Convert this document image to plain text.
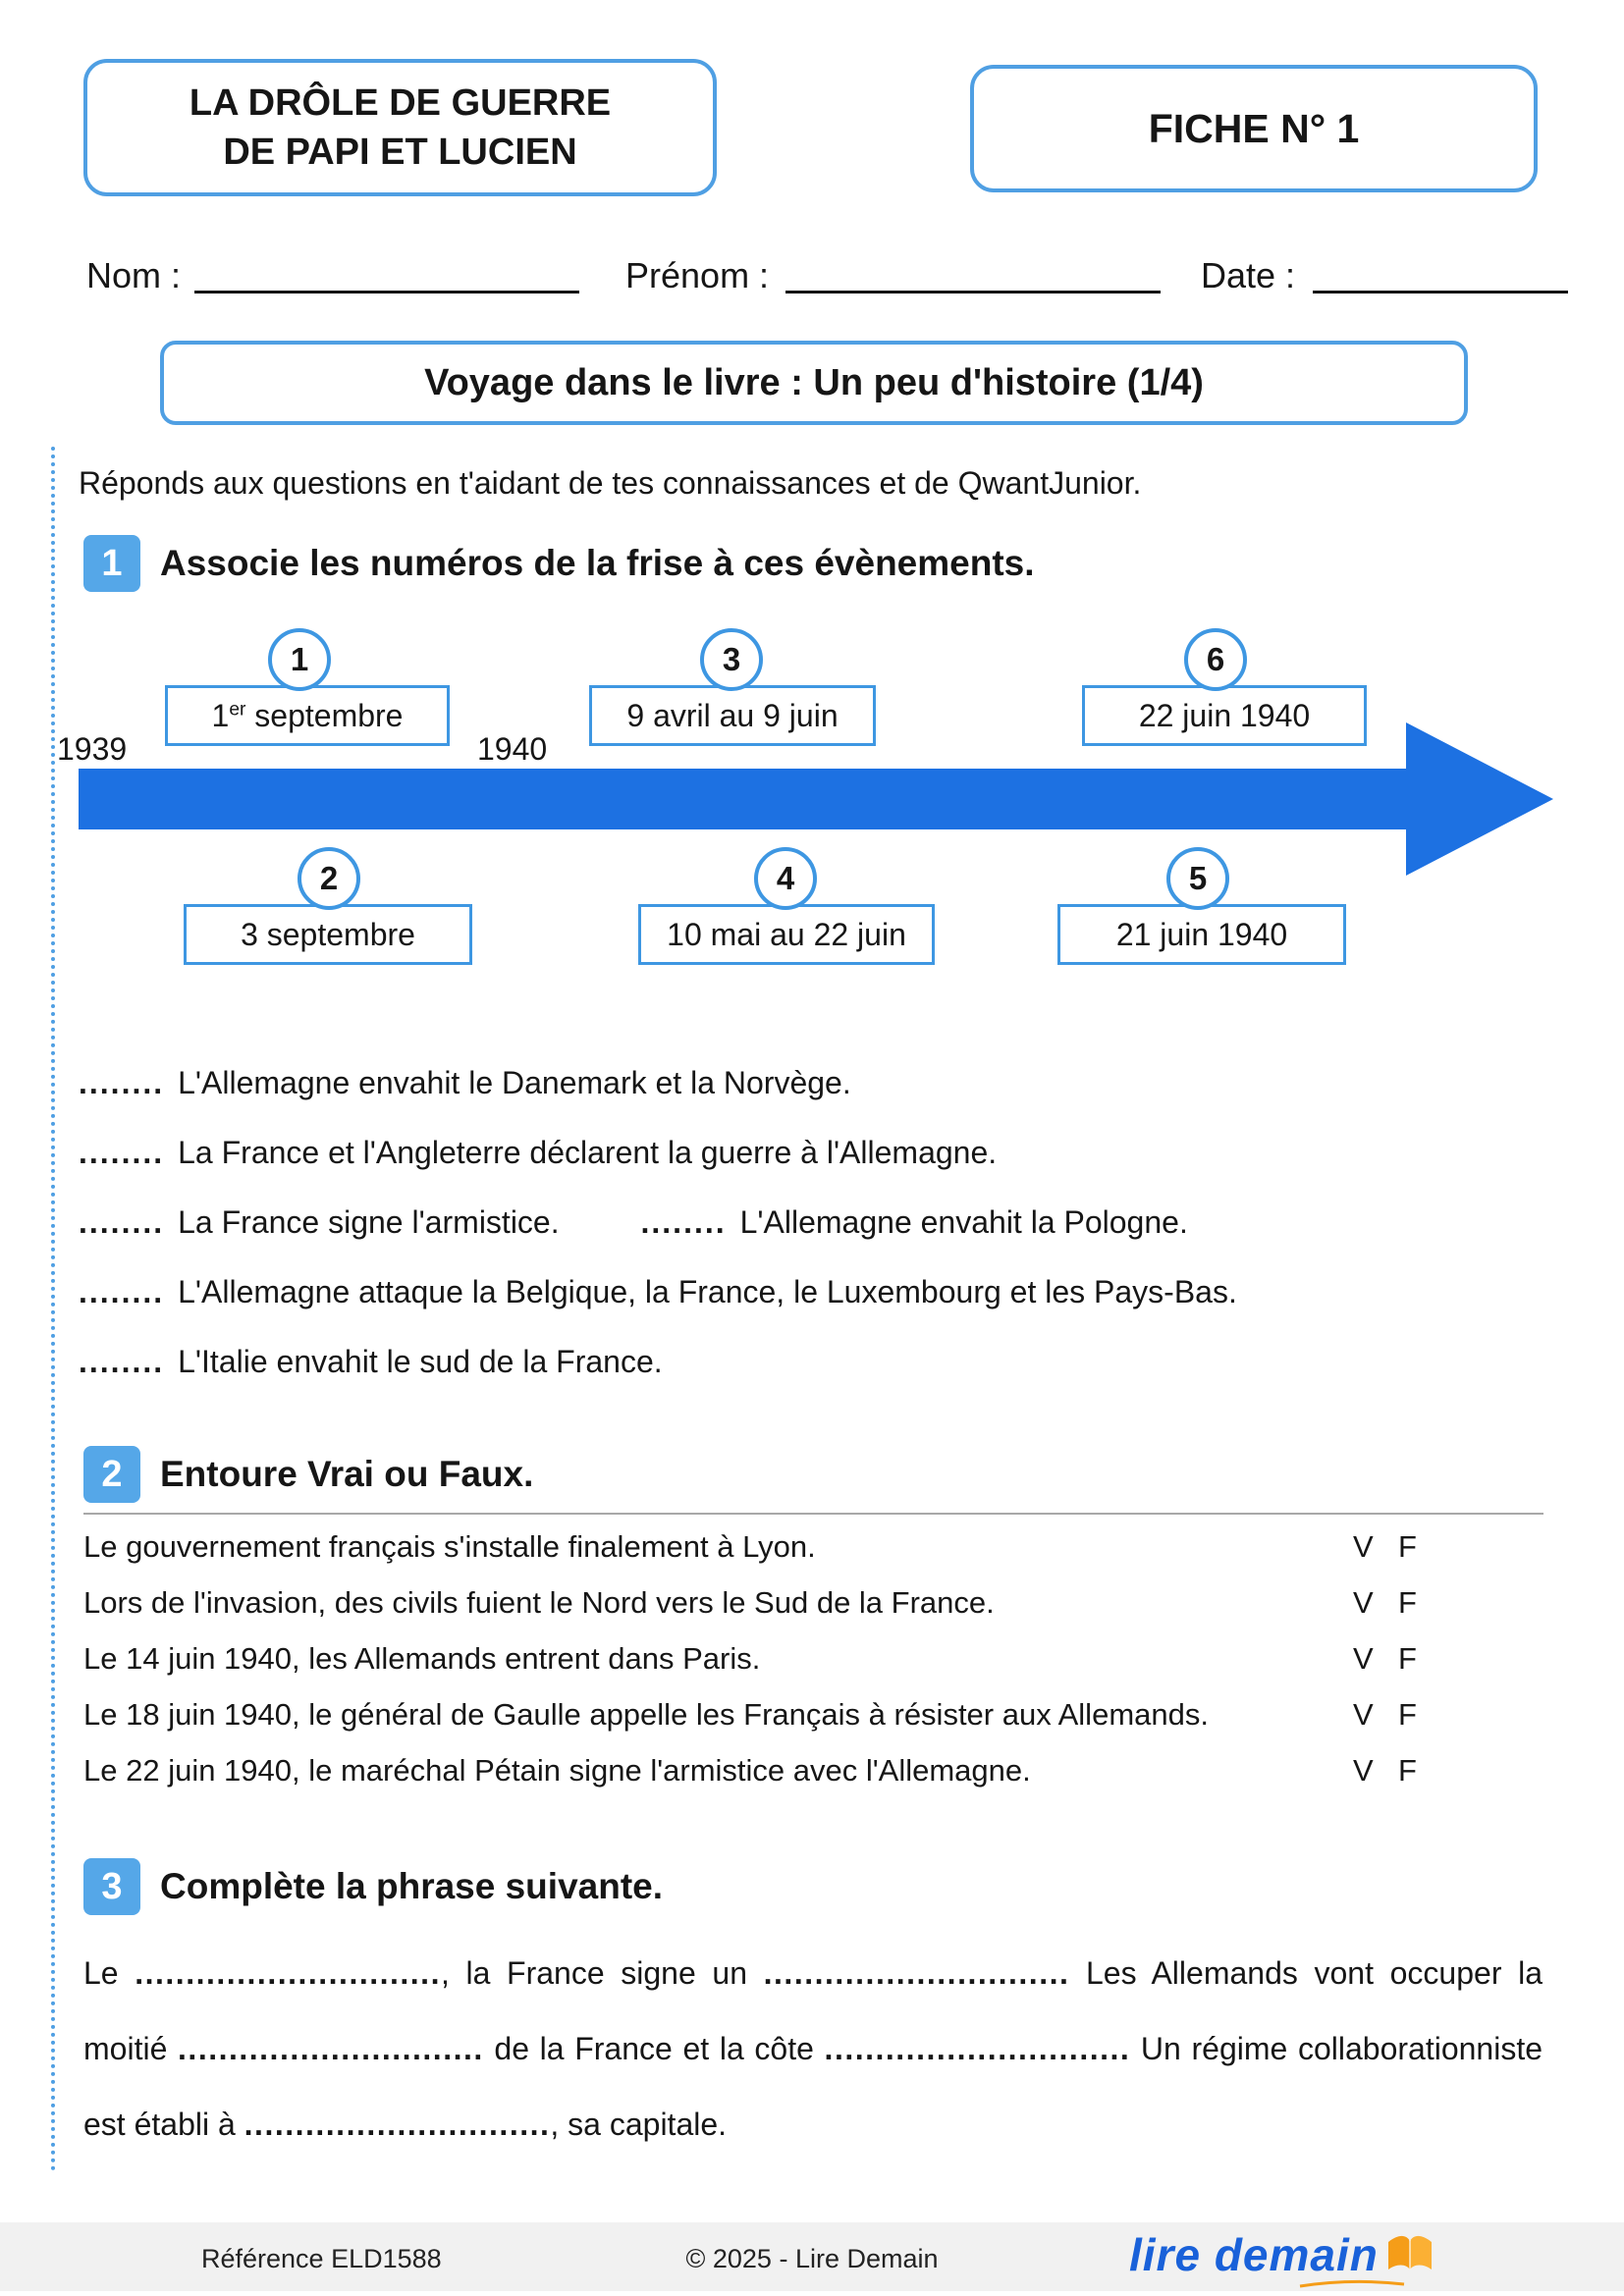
LA DRÔLE DE GUERRE
DE PAPI ET LUCIEN
FICHE N° 1
Nom :	Prénom :	Date :
Voyage dans le livre : Un peu d'histoire (1/4)
Réponds aux questions en t'aidant de tes connaissances et de QwantJunior.
1	Associe les numéros de la frise à ces évènements.
1939	1940
1	3	6
1er septembre	9 avril au 9 juin	22 juin 1940
2	4	5
3 septembre	10 mai au 22 juin	21 juin 1940
........ L'Allemagne envahit le Danemark et la Norvège.
........ La France et l'Angleterre déclarent la guerre à l'Allemagne.
........ La France signe l'armistice.	........ L'Allemagne envahit la Pologne.
........ L'Allemagne attaque la Belgique, la France, le Luxembourg et les Pays-Bas.
........ L'Italie envahit le sud de la France.
2	Entoure Vrai ou Faux.
Le gouvernement français s'installe finalement à Lyon.	V F
Lors de l'invasion, des civils fuient le Nord vers le Sud de la France.	V F
Le 14 juin 1940, les Allemands entrent dans Paris.	V F
Le 18 juin 1940, le général de Gaulle appelle les Français à résister aux Allemands.	V F
Le 22 juin 1940, le maréchal Pétain signe l'armistice avec l'Allemagne.	V F
3	Complète la phrase suivante.

Le .............................., la France signe un .............................. Les Allemands vont occuper la moitié .............................. de la France et la côte .............................. Un régime collaborationniste est établi à .............................., sa capitale.

Référence ELD1588	© 2025 - Lire Demain	lire demain
